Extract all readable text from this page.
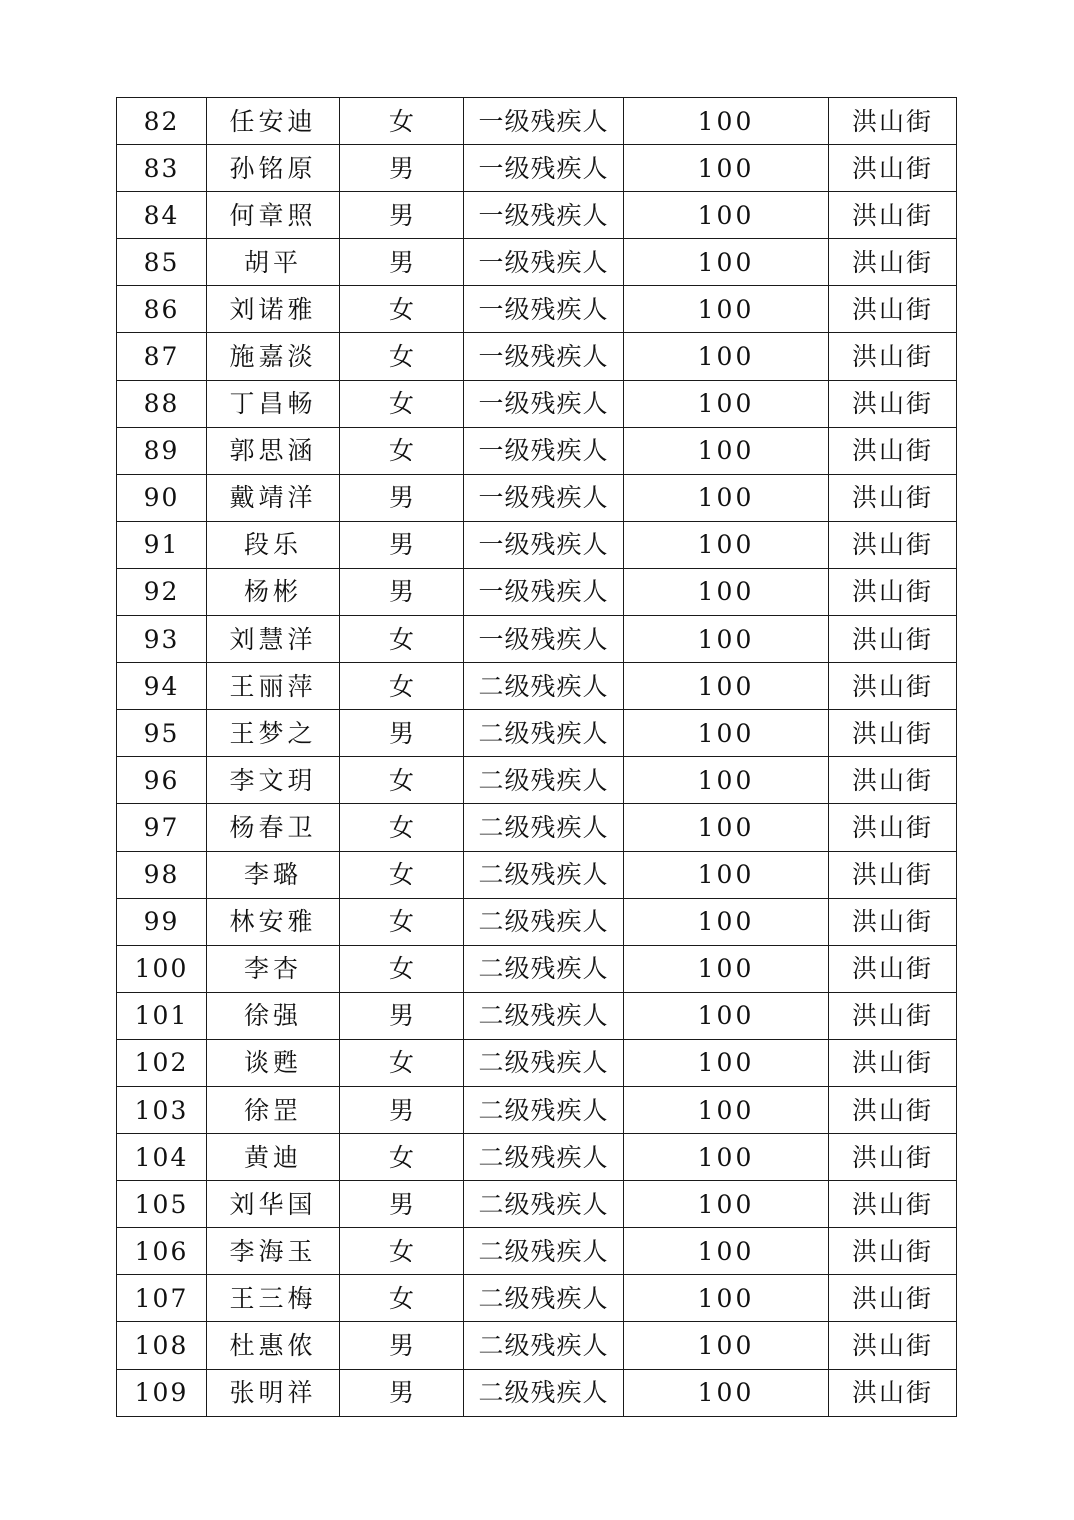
82	任安迪	女	一级残疾人	100	洪山街
83	孙铭原	男	一级残疾人	100	洪山街
84	何章照	男	一级残疾人	100	洪山街
85	胡平	男	一级残疾人	100	洪山街
86	刘诺雅	女	一级残疾人	100	洪山街
87	施嘉淡	女	一级残疾人	100	洪山街
88	丁昌畅	女	一级残疾人	100	洪山街
89	郭思涵	女	一级残疾人	100	洪山街
90	戴靖洋	男	一级残疾人	100	洪山街
91	段乐	男	一级残疾人	100	洪山街
92	杨彬	男	一级残疾人	100	洪山街
93	刘慧洋	女	一级残疾人	100	洪山街
94	王丽萍	女	二级残疾人	100	洪山街
95	王梦之	男	二级残疾人	100	洪山街
96	李文玥	女	二级残疾人	100	洪山街
97	杨春卫	女	二级残疾人	100	洪山街
98	李璐	女	二级残疾人	100	洪山街
99	林安雅	女	二级残疾人	100	洪山街
100	李杏	女	二级残疾人	100	洪山街
101	徐强	男	二级残疾人	100	洪山街
102	谈甦	女	二级残疾人	100	洪山街
103	徐罡	男	二级残疾人	100	洪山街
104	黄迪	女	二级残疾人	100	洪山街
105	刘华国	男	二级残疾人	100	洪山街
106	李海玉	女	二级残疾人	100	洪山街
107	王三梅	女	二级残疾人	100	洪山街
108	杜惠侬	男	二级残疾人	100	洪山街
109	张明祥	男	二级残疾人	100	洪山街
